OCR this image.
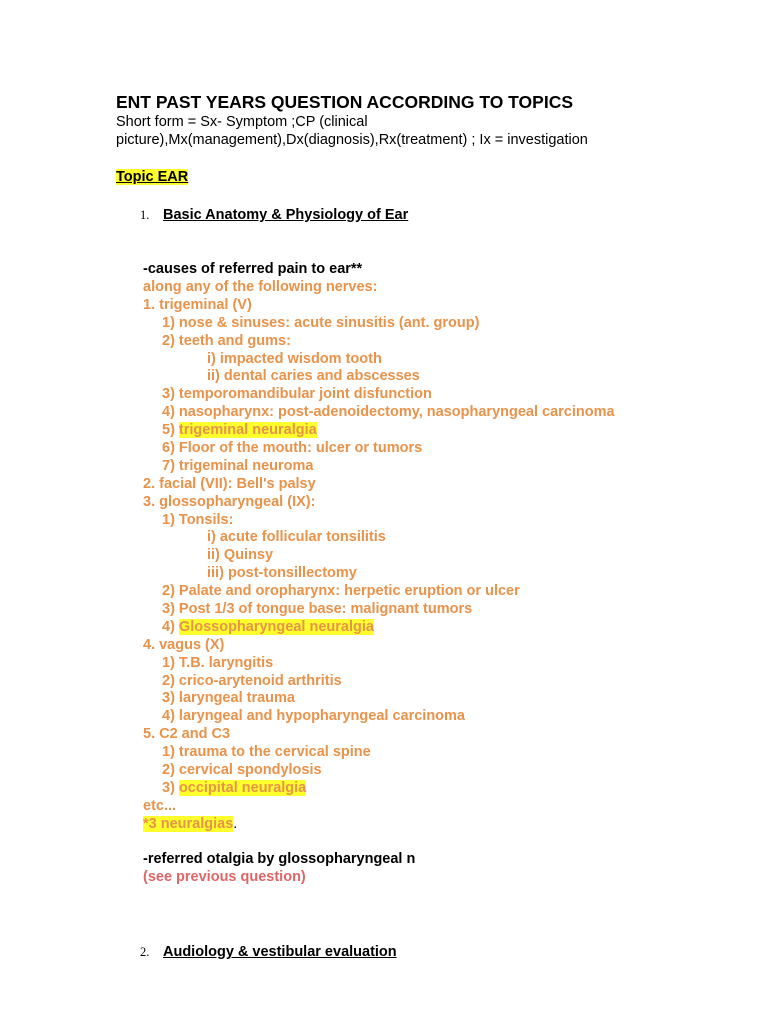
ENT PAST YEARS QUESTION ACCORDING TO TOPICS
Short form = Sx- Symptom ;CP (clinical picture),Mx(management),Dx(diagnosis),Rx(treatment) ; Ix = investigation
Topic EAR
1. Basic Anatomy & Physiology of Ear
-causes of referred pain to ear**
along any of the following nerves:
1. trigeminal (V)
1) nose & sinuses: acute sinusitis (ant. group)
2) teeth and gums:
i) impacted wisdom tooth
ii) dental caries and abscesses
3) temporomandibular joint disfunction
4) nasopharynx: post-adenoidectomy, nasopharyngeal carcinoma
5) trigeminal neuralgia
6) Floor of the mouth: ulcer or tumors
7) trigeminal neuroma
2. facial (VII): Bell's palsy
3. glossopharyngeal (IX):
1) Tonsils:
i) acute follicular tonsilitis
ii) Quinsy
iii) post-tonsillectomy
2) Palate and oropharynx: herpetic eruption or ulcer
3) Post 1/3 of tongue base: malignant tumors
4) Glossopharyngeal neuralgia
4. vagus (X)
1) T.B. laryngitis
2) crico-arytenoid arthritis
3) laryngeal trauma
4) laryngeal and hypopharyngeal carcinoma
5. C2 and C3
1) trauma to the cervical spine
2) cervical spondylosis
3) occipital neuralgia
etc...
*3 neuralgias.
-referred otalgia by glossopharyngeal n
(see previous question)
2. Audiology & vestibular evaluation
